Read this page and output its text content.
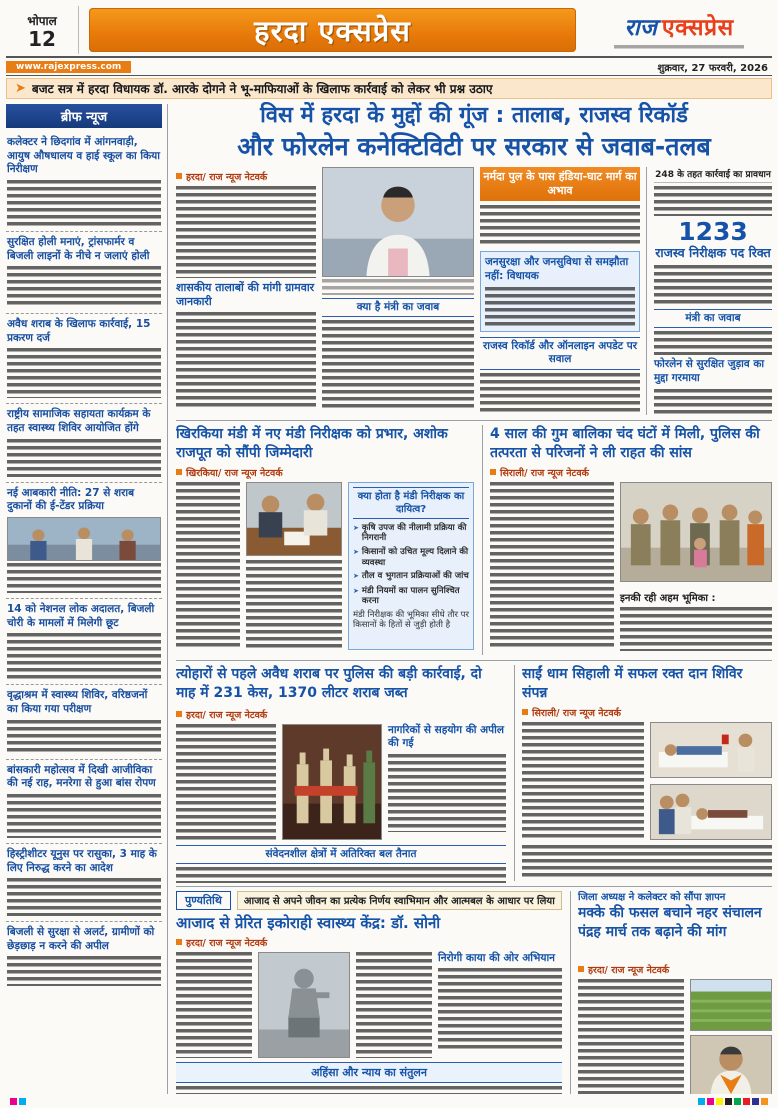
भोपाल
12	हरदा एक्सप्रेस	राज एक्सप्रेस
www.rajexpress.com	शुक्रवार, 27 फरवरी, 2026
➤ बजट सत्र में हरदा विधायक डॉ. आरके दोगने ने भू-माफियाओं के खिलाफ कार्रवाई को लेकर भी प्रश्न उठाए
ब्रीफ न्यूज
कलेक्टर ने छिदगांव में आंगनवाड़ी, आयुष औषधालय व हाई स्कूल का किया निरीक्षण
सुरक्षित होली मनाएं, ट्रांसफार्मर व बिजली लाइनों के नीचे न जलाएं होली
अवैध शराब के खिलाफ कार्रवाई, 15 प्रकरण दर्ज
राष्ट्रीय सामाजिक सहायता कार्यक्रम के तहत स्वास्थ्य शिविर आयोजित होंगे
नई आबकारी नीति: 27 से शराब दुकानों की ई-टेंडर प्रक्रिया
14 को नेशनल लोक अदालत, बिजली चोरी के मामलों में मिलेगी छूट
वृद्धाश्रम में स्वास्थ्य शिविर, वरिष्ठजनों का किया गया परीक्षण
बांसकारी महोत्सव में दिखी आजीविका की नई राह, मनरेगा से हुआ बांस रोपण
हिस्ट्रीशीटर यूनुस पर रासुका, 3 माह के लिए निरुद्ध करने का आदेश
बिजली से सुरक्षा से अलर्ट, ग्रामीणों को छेड़छाड़ न करने की अपील
विस में हरदा के मुद्दों की गूंज : तालाब, राजस्व रिकॉर्ड
और फोरलेन कनेक्टिविटी पर सरकार से जवाब-तलब
हरदा/ राज न्यूज नेटवर्क
शासकीय तालाबों की मांगी ग्रामवार जानकारी	क्या है मंत्री का जवाब
नर्मदा पुल के पास हंडिया-घाट मार्ग का अभाव
जनसुरक्षा और जनसुविधा से समझौता नहीं: विधायक
राजस्व रिकॉर्ड और ऑनलाइन अपडेट पर सवाल
248 के तहत कार्रवाई का प्रावधान
1233
राजस्व निरीक्षक पद रिक्त
मंत्री का जवाब
फोरलेन से सुरक्षित जुड़ाव का मुद्दा गरमाया
खिरकिया मंडी में नए मंडी निरीक्षक को प्रभार, अशोक राजपूत को सौंपी जिम्मेदारी
खिरकिया/ राज न्यूज नेटवर्क
क्या होता है मंडी निरीक्षक का दायित्व?
➤ कृषि उपज की नीलामी प्रक्रिया की निगरानी
➤ किसानों को उचित मूल्य दिलाने की व्यवस्था
➤ तौल व भुगतान प्रक्रियाओं की जांच
➤ मंडी नियमों का पालन सुनिश्चित करना
मंडी निरीक्षक की भूमिका सीधे तौर पर किसानों के हितों से जुड़ी होती है
4 साल की गुम बालिका चंद घंटों में मिली, पुलिस की तत्परता से परिजनों ने ली राहत की सांस
सिराली/ राज न्यूज नेटवर्क
इनकी रही अहम भूमिका :
त्योहारों से पहले अवैध शराब पर पुलिस की बड़ी कार्रवाई, दो माह में 231 केस, 1370 लीटर शराब जब्त
हरदा/ राज न्यूज नेटवर्क
नागरिकों से सहयोग की अपील की गई
संवेदनशील क्षेत्रों में अतिरिक्त बल तैनात
साईं धाम सिहाली में सफल रक्त दान शिविर संपन्न
सिराली/ राज न्यूज नेटवर्क
पुण्यतिथि	आजाद से अपने जीवन का प्रत्येक निर्णय स्वाभिमान और आत्मबल के आधार पर लिया
आजाद से प्रेरित इकोराही स्वास्थ्य केंद्र: डॉ. सोनी
हरदा/ राज न्यूज नेटवर्क
निरोगी काया की ओर अभियान
अहिंसा और न्याय का संतुलन
जिला अध्यक्ष ने कलेक्टर को सौंपा ज्ञापन
मक्के की फसल बचाने नहर संचालन पंद्रह मार्च तक बढ़ाने की मांग
हरदा/ राज न्यूज नेटवर्क
